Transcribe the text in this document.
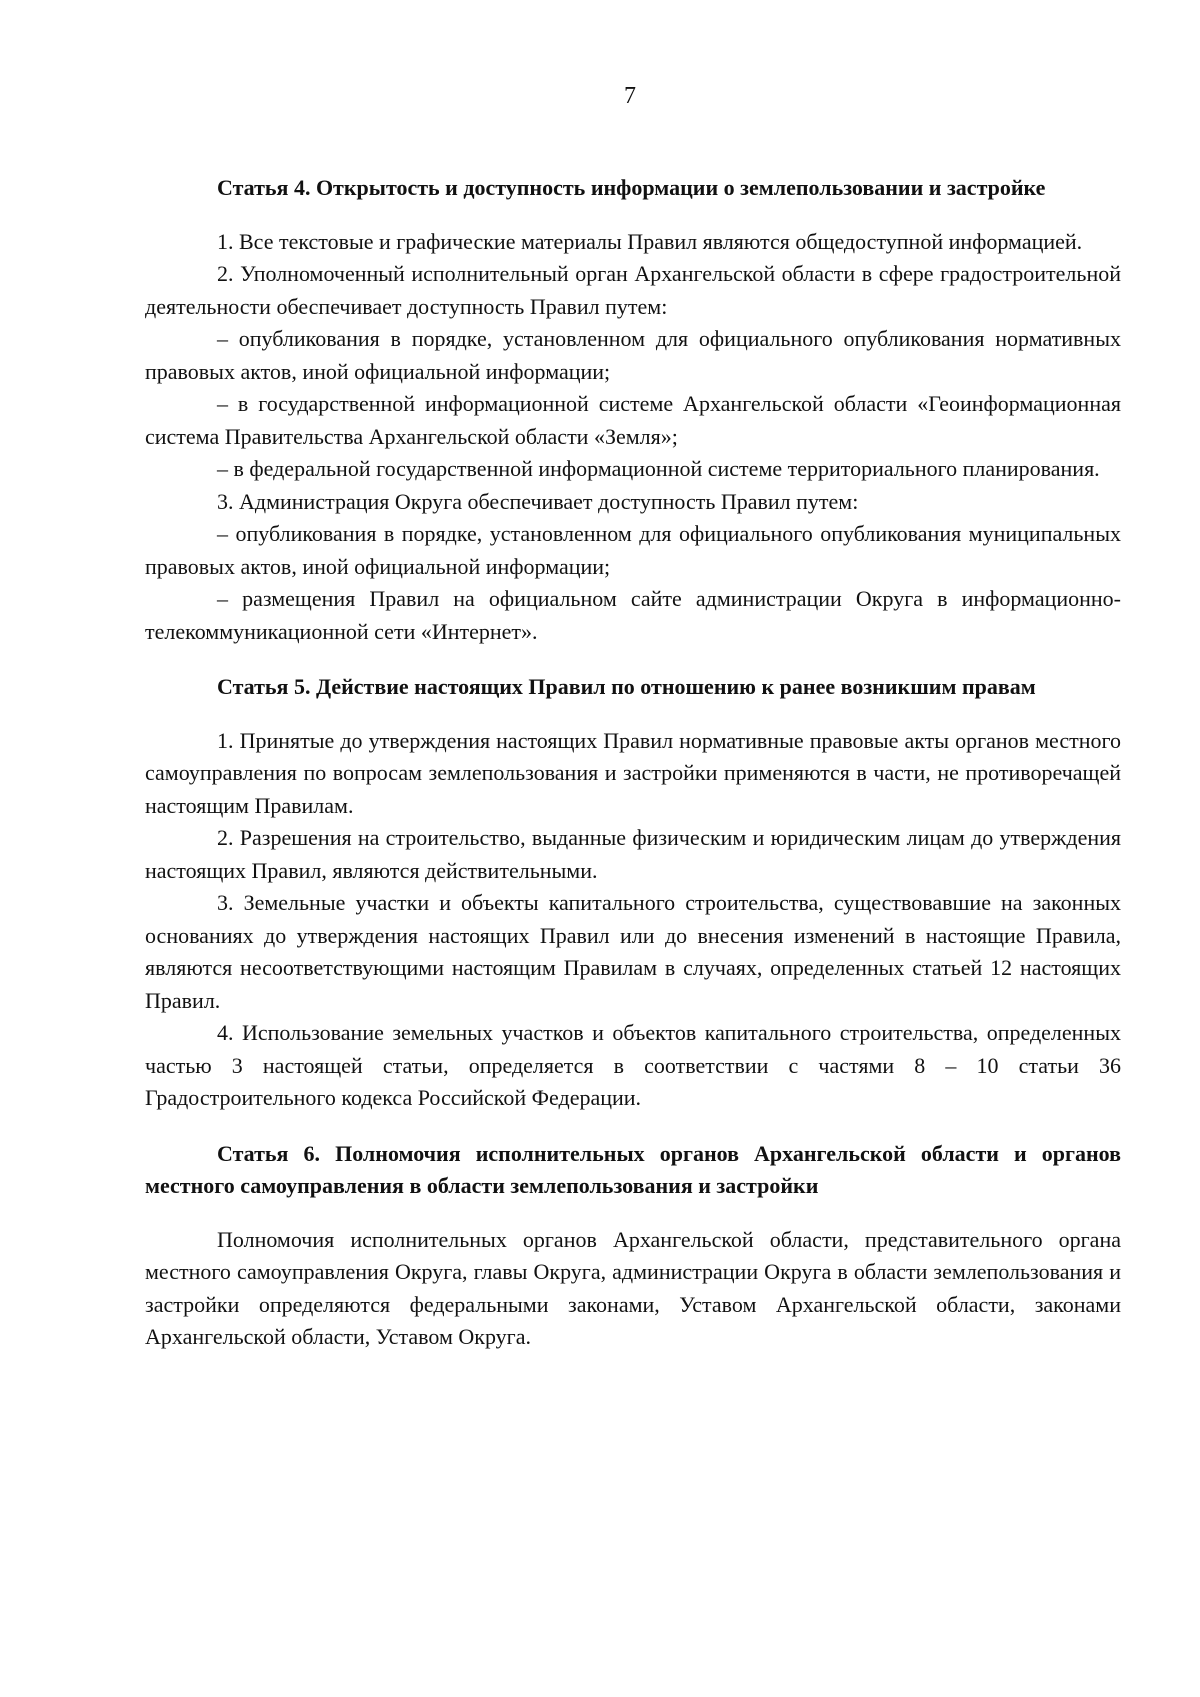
7

Статья 4. Открытость и доступность информации о землепользовании и застройке

1. Все текстовые и графические материалы Правил являются общедоступной информацией.

2. Уполномоченный исполнительный орган Архангельской области в сфере градостроительной деятельности обеспечивает доступность Правил путем:

– опубликования в порядке, установленном для официального опубликования нормативных правовых актов, иной официальной информации;

– в государственной информационной системе Архангельской области «Геоинформационная система Правительства Архангельской области «Земля»;

– в федеральной государственной информационной системе территориального планирования.

3. Администрация Округа обеспечивает доступность Правил путем:

– опубликования в порядке, установленном для официального опубликования муниципальных правовых актов, иной официальной информации;

– размещения Правил на официальном сайте администрации Округа в информационно-телекоммуникационной сети «Интернет».

Статья 5. Действие настоящих Правил по отношению к ранее возникшим правам

1. Принятые до утверждения настоящих Правил нормативные правовые акты органов местного самоуправления по вопросам землепользования и застройки применяются в части, не противоречащей настоящим Правилам.

2. Разрешения на строительство, выданные физическим и юридическим лицам до утверждения настоящих Правил, являются действительными.

3. Земельные участки и объекты капитального строительства, существовавшие на законных основаниях до утверждения настоящих Правил или до внесения изменений в настоящие Правила, являются несоответствующими настоящим Правилам в случаях, определенных статьей 12 настоящих Правил.

4. Использование земельных участков и объектов капитального строительства, определенных частью 3 настоящей статьи, определяется в соответствии с частями 8 – 10 статьи 36 Градостроительного кодекса Российской Федерации.

Статья 6. Полномочия исполнительных органов Архангельской области и органов местного самоуправления в области землепользования и застройки

Полномочия исполнительных органов Архангельской области, представительного органа местного самоуправления Округа, главы Округа, администрации Округа в области землепользования и застройки определяются федеральными законами, Уставом Архангельской области, законами Архангельской области, Уставом Округа.
